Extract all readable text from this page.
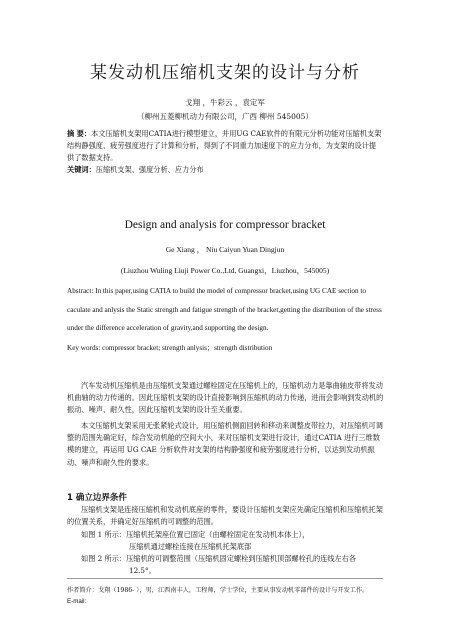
某发动机压缩机支架的设计与分析
戈翔 ，牛彩云 ，袁定军
（柳州五菱柳机动力有限公司，广西 柳州 545005）
摘 要：本文压缩机支架用CATIA进行模型建立，并用UG CAE软件的有限元分析功能对压缩机支架结构静强度、疲劳强度进行了计算和分析，得到了不同重力加速度下的应力分布，为支架的设计提供了数据支持。
关键词：压缩机支架、强度分析、应力分布
Design and analysis for compressor bracket
Ge Xiang ， Niu Caiyun Yuan Dingjun
(Liuzhou Wuling Liuji Power Co.,Ltd, Guangxi，Liuzhou，545005)
Abstract: In this paper,using CATIA to build the model of compressor bracket,using UG CAE section to caculate and anlysis the Static strength and fatigue strength of the bracket,getting the distribution of the stress under the difference acceleration of gravity,and supporting the design.
Key words: compressor bracket; strength anlysis；strength distribution
汽车发动机压缩机是由压缩机支架通过螺栓固定在压缩机上的，压缩机动力是靠曲轴皮带将发动机曲轴的动力传递的。因此压缩机支架的设计直接影响到压缩机的动力传递，进而会影响到发动机的振动、噪声、耐久性，因此压缩机支架的设计至关重要。
本文压缩机支架采用无张紧轮式设计，用压缩机侧面回转和移动来调整皮带拉力，对压缩机可调整的范围先确定好，综合发动机舱的空间大小，来对压缩机支架进行设计，通过CATIA 进行三维数模的建立，再运用 UG CAE 分析软件对支架的结构静强度和疲劳强度进行分析，以达到发动机振动、噪声和耐久性的要求。
1 确立边界条件
压缩机支架是连接压缩机和发动机底座的零件，要设计压缩机支架应先确定压缩机和压缩机托架的位置关系，并确定好压缩机的可调整的范围。
如图 1 所示：压缩机托架座位置已固定（由螺栓固定在发动机本体上），
压缩机通过螺栓连接在压缩机托架底部
如图 2 所示：压缩机的可调整范围（压缩机固定螺栓到压缩机顶部螺栓孔的连线左右各
12.5°。
作者简介：戈翔（1986- ），男，江西南丰人，工程师，学士学位，主要从事发动机零部件的设计与开发工作。
E-mail:
